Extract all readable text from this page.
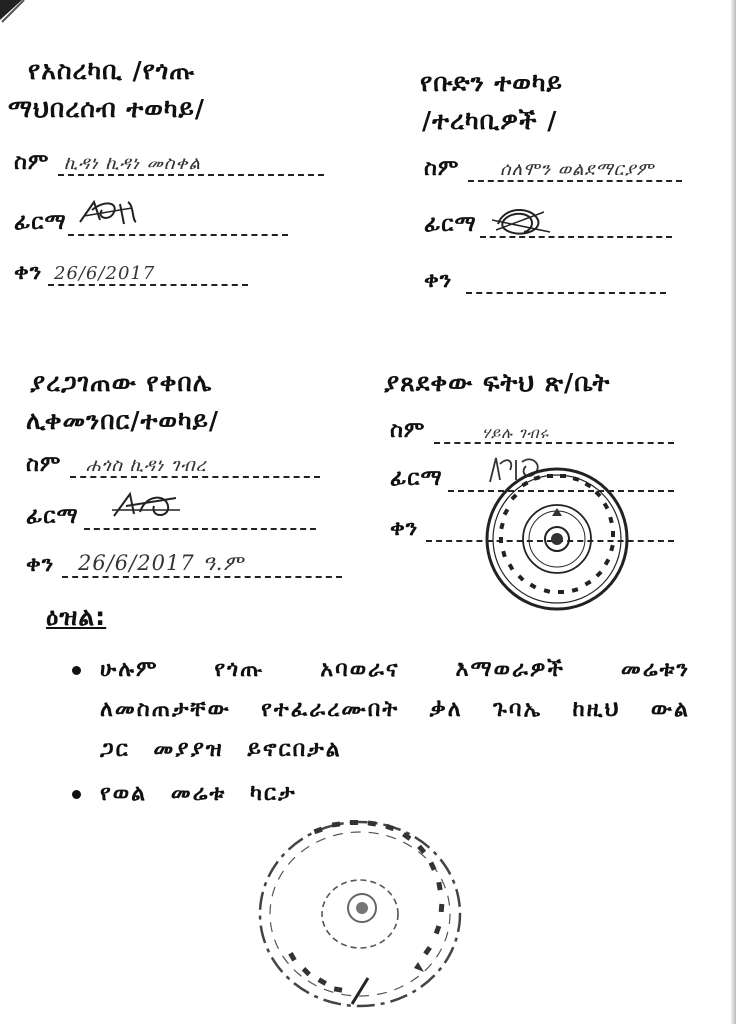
የአስረካቢ /የጎጡ
ማህበረሰብ ተወካይ/
ስም ኪዳነ ኪዳነ መስቀል
ፊርማ
ቀን 26/6/2017
የቡድን ተወካይ
/ተረካቢዎች /
ስም ሰለሞን ወልደማርያም
ፊርማ
ቀን
ያረጋገጠው የቀበሌ
ሊቀመንበር/ተወካይ/
ስም ሐጎስ ኪዳነ ገብረ
ፊርማ
ቀን 26/6/2017 ዓ.ም
ያጸደቀው ፍትህ ጽ/ቤት
ስም	ሃይሉ ገብሩ
ፊርማ
ቀን
ዕዝል:
ሁሉም የጎጡ አባወራና እማወራዎች መሬቱን ለመስጠታቸው የተፈራረሙበት ቃለ ጉባኤ ከዚህ ውል ጋር መያያዝ ይኖርበታል
የወል መሬቱ ካርታ
